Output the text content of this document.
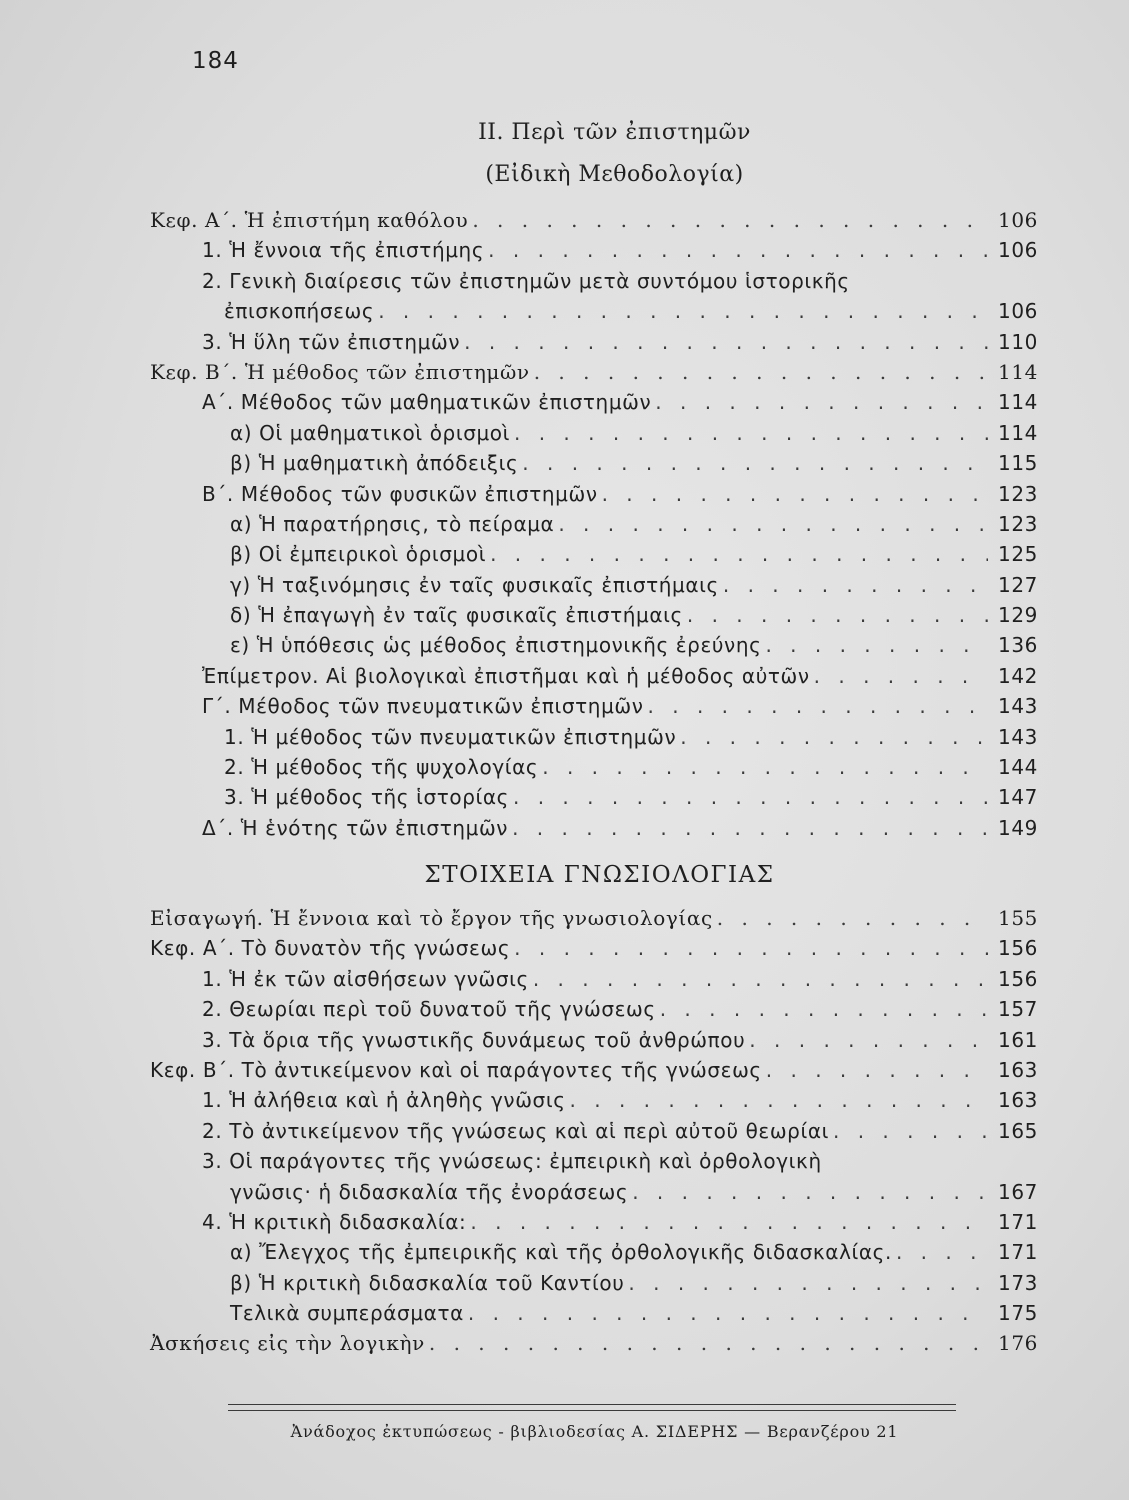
184
II. Περὶ τῶν ἐπιστημῶν
(Εἰδικὴ Μεθοδολογία)
Κεφ. Α΄. Ἡ ἐπιστήμη καθόλου . . .	106
1. Ἡ ἔννοια τῆς ἐπιστήμης . . .	106
2. Γενικὴ διαίρεσις τῶν ἐπιστημῶν μετὰ συντόμου ἱστορικῆς
ἐπισκοπήσεως . . .	106
3. Ἡ ὕλη τῶν ἐπιστημῶν . . .	110
Κεφ. Β΄. Ἡ μέθοδος τῶν ἐπιστημῶν . . .	114
Α΄. Μέθοδος τῶν μαθηματικῶν ἐπιστημῶν . . .	114
α) Οἱ μαθηματικοὶ ὁρισμοὶ . . .	114
β) Ἡ μαθηματικὴ ἀπόδειξις . . .	115
Β΄. Μέθοδος τῶν φυσικῶν ἐπιστημῶν . . .	123
α) Ἡ παρατήρησις, τὸ πείραμα . . .	123
β) Οἱ ἐμπειρικοὶ ὁρισμοὶ . . .	125
γ) Ἡ ταξινόμησις ἐν ταῖς φυσικαῖς ἐπιστήμαις . . .	127
δ) Ἡ ἐπαγωγὴ ἐν ταῖς φυσικαῖς ἐπιστήμαις . . .	129
ε) Ἡ ὑπόθεσις ὡς μέθοδος ἐπιστημονικῆς ἐρεύνης . . .	136
Ἐπίμετρον. Αἱ βιολογικαὶ ἐπιστῆμαι καὶ ἡ μέθοδος αὐτῶν . . .	142
Γ΄. Μέθοδος τῶν πνευματικῶν ἐπιστημῶν . . .	143
1. Ἡ μέθοδος τῶν πνευματικῶν ἐπιστημῶν . . .	143
2. Ἡ μέθοδος τῆς ψυχολογίας . . .	144
3. Ἡ μέθοδος τῆς ἱστορίας . . .	147
Δ΄. Ἡ ἑνότης τῶν ἐπιστημῶν . . .	149
ΣΤΟΙΧΕΙΑ ΓΝΩΣΙΟΛΟΓΙΑΣ
Εἰσαγωγή. Ἡ ἔννοια καὶ τὸ ἔργον τῆς γνωσιολογίας . . .	155
Κεφ. Α΄. Τὸ δυνατὸν τῆς γνώσεως . . .	156
1. Ἡ ἐκ τῶν αἰσθήσεων γνῶσις . . .	156
2. Θεωρίαι περὶ τοῦ δυνατοῦ τῆς γνώσεως . . .	157
3. Τὰ ὅρια τῆς γνωστικῆς δυνάμεως τοῦ ἀνθρώπου . . .	161
Κεφ. Β΄. Τὸ ἀντικείμενον καὶ οἱ παράγοντες τῆς γνώσεως . . .	163
1. Ἡ ἀλήθεια καὶ ἡ ἀληθὴς γνῶσις . . .	163
2. Τὸ ἀντικείμενον τῆς γνώσεως καὶ αἱ περὶ αὐτοῦ θεωρίαι . . .	165
3. Οἱ παράγοντες τῆς γνώσεως: ἐμπειρικὴ καὶ ὀρθολογικὴ
γνῶσις· ἡ διδασκαλία τῆς ἐνοράσεως . . .	167
4. Ἡ κριτικὴ διδασκαλία: . . .	171
α) Ἔλεγχος τῆς ἐμπειρικῆς καὶ τῆς ὀρθολογικῆς διδασκαλίας. . . .	171
β) Ἡ κριτικὴ διδασκαλία τοῦ Καντίου . . .	173
Τελικὰ συμπεράσματα . . .	175
Ἀσκήσεις εἰς τὴν λογικὴν . . .	176
Ἀνάδοχος ἐκτυπώσεως - βιβλιοδεσίας Α. ΣΙΔΕΡΗΣ — Βερανζέρου 21
